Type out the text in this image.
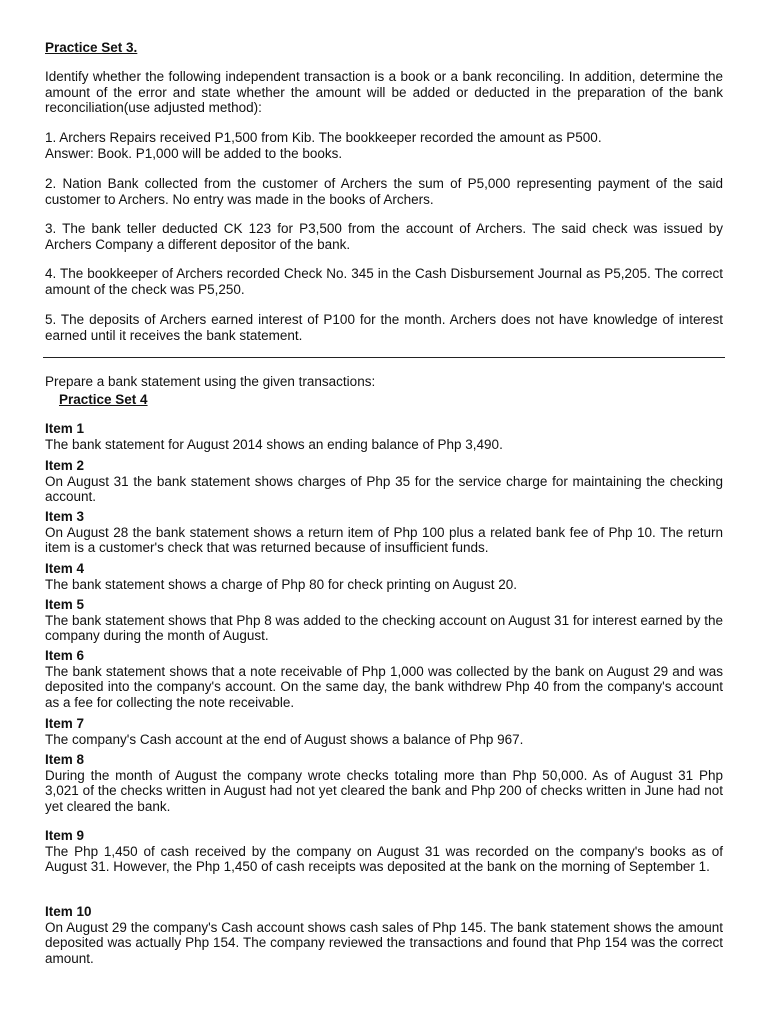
Practice Set 3.
Identify whether the following independent transaction is a book or a bank reconciling. In addition, determine the amount of the error and state whether the amount will be added or deducted in the preparation of the bank reconciliation(use adjusted method):

1. Archers Repairs received P1,500 from Kib. The bookkeeper recorded the amount as P500.

Answer: Book. P1,000 will be added to the books.

2. Nation Bank collected from the customer of Archers the sum of P5,000 representing payment of the said customer to Archers. No entry was made in the books of Archers.
3. The bank teller deducted CK 123 for P3,500 from the account of Archers. The said check was issued by Archers Company a different depositor of the bank.
4. The bookkeeper of Archers recorded Check No. 345 in the Cash Disbursement Journal as P5,205. The correct amount of the check was P5,250.
5. The deposits of Archers earned interest of P100 for the month. Archers does not have knowledge of interest earned until it receives the bank statement.
Prepare a bank statement using the given transactions:
Practice Set 4
Item 1
The bank statement for August 2014 shows an ending balance of Php 3,490.
Item 2
On August 31 the bank statement shows charges of Php 35 for the service charge for maintaining the checking account.
Item 3
On August 28 the bank statement shows a return item of Php 100 plus a related bank fee of Php 10. The return item is a customer's check that was returned because of insufficient funds.
Item 4
The bank statement shows a charge of Php 80 for check printing on August 20.
Item 5
The bank statement shows that Php 8 was added to the checking account on August 31 for interest earned by the company during the month of August.
Item 6
The bank statement shows that a note receivable of Php 1,000 was collected by the bank on August 29 and was deposited into the company's account. On the same day, the bank withdrew Php 40 from the company's account as a fee for collecting the note receivable.
Item 7
The company's Cash account at the end of August shows a balance of Php 967.
Item 8
During the month of August the company wrote checks totaling more than Php 50,000. As of August 31 Php 3,021 of the checks written in August had not yet cleared the bank and Php 200 of checks written in June had not yet cleared the bank.
Item 9
The Php 1,450 of cash received by the company on August 31 was recorded on the company's books as of August 31. However, the Php 1,450 of cash receipts was deposited at the bank on the morning of September 1.
Item 10
On August 29 the company's Cash account shows cash sales of Php 145. The bank statement shows the amount deposited was actually Php 154. The company reviewed the transactions and found that Php 154 was the correct amount.
